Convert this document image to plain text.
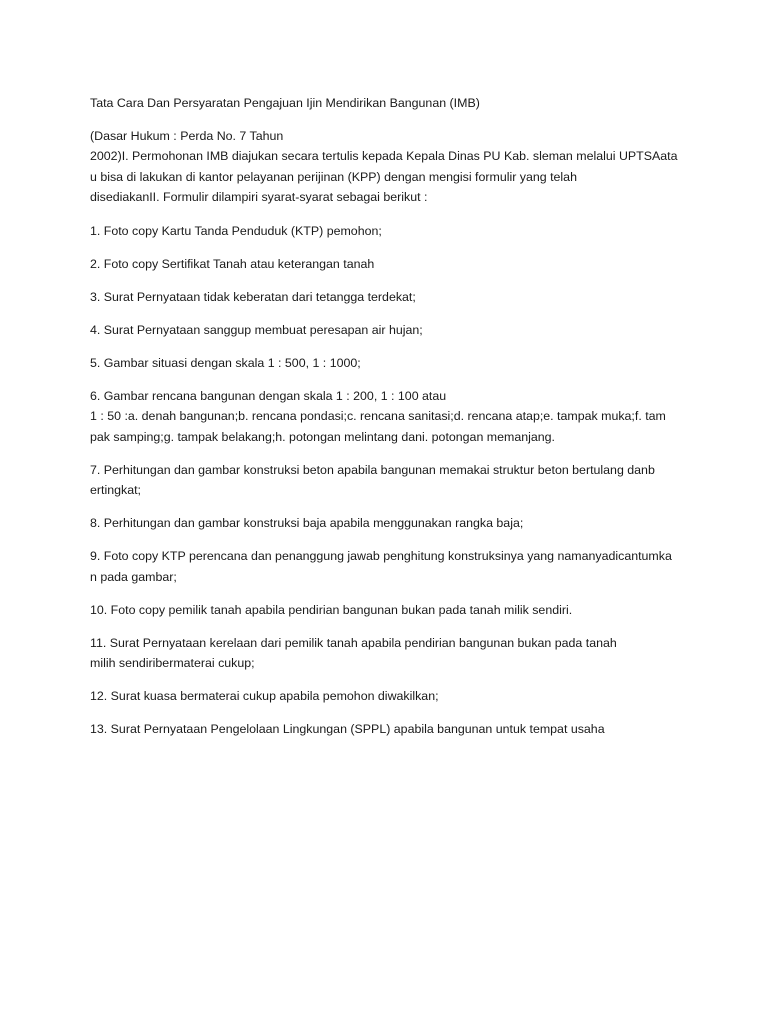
Tata Cara Dan Persyaratan Pengajuan Ijin Mendirikan Bangunan (IMB)

(Dasar Hukum : Perda No. 7 Tahun
2002)I. Permohonan IMB diajukan secara tertulis kepada Kepala Dinas PU Kab. sleman melalui UPTSAata
u bisa di lakukan di kantor pelayanan perijinan (KPP) dengan mengisi formulir yang telah
disediakanII. Formulir dilampiri syarat-syarat sebagai berikut :

1. Foto copy Kartu Tanda Penduduk (KTP) pemohon;
2. Foto copy Sertifikat Tanah atau keterangan tanah
3. Surat Pernyataan tidak keberatan dari tetangga terdekat;
4. Surat Pernyataan sanggup membuat peresapan air hujan;
5. Gambar situasi dengan skala 1 : 500, 1 : 1000;
6. Gambar rencana bangunan dengan skala 1 : 200, 1 : 100 atau
1 : 50 :a. denah bangunan;b. rencana pondasi;c. rencana sanitasi;d. rencana atap;e. tampak muka;f. tam
pak samping;g. tampak belakang;h. potongan melintang dani. potongan memanjang.
7. Perhitungan dan gambar konstruksi beton apabila bangunan memakai struktur beton bertulang danb
ertingkat;
8. Perhitungan dan gambar konstruksi baja apabila menggunakan rangka baja;
9. Foto copy KTP perencana dan penanggung jawab penghitung konstruksinya yang namanyadicantumka
n pada gambar;
10. Foto copy pemilik tanah apabila pendirian bangunan bukan pada tanah milik sendiri.
11. Surat Pernyataan kerelaan dari pemilik tanah apabila pendirian bangunan bukan pada tanah
milih sendiribermaterai cukup;
12. Surat kuasa bermaterai cukup apabila pemohon diwakilkan;
13. Surat Pernyataan Pengelolaan Lingkungan (SPPL) apabila bangunan untuk tempat usaha
